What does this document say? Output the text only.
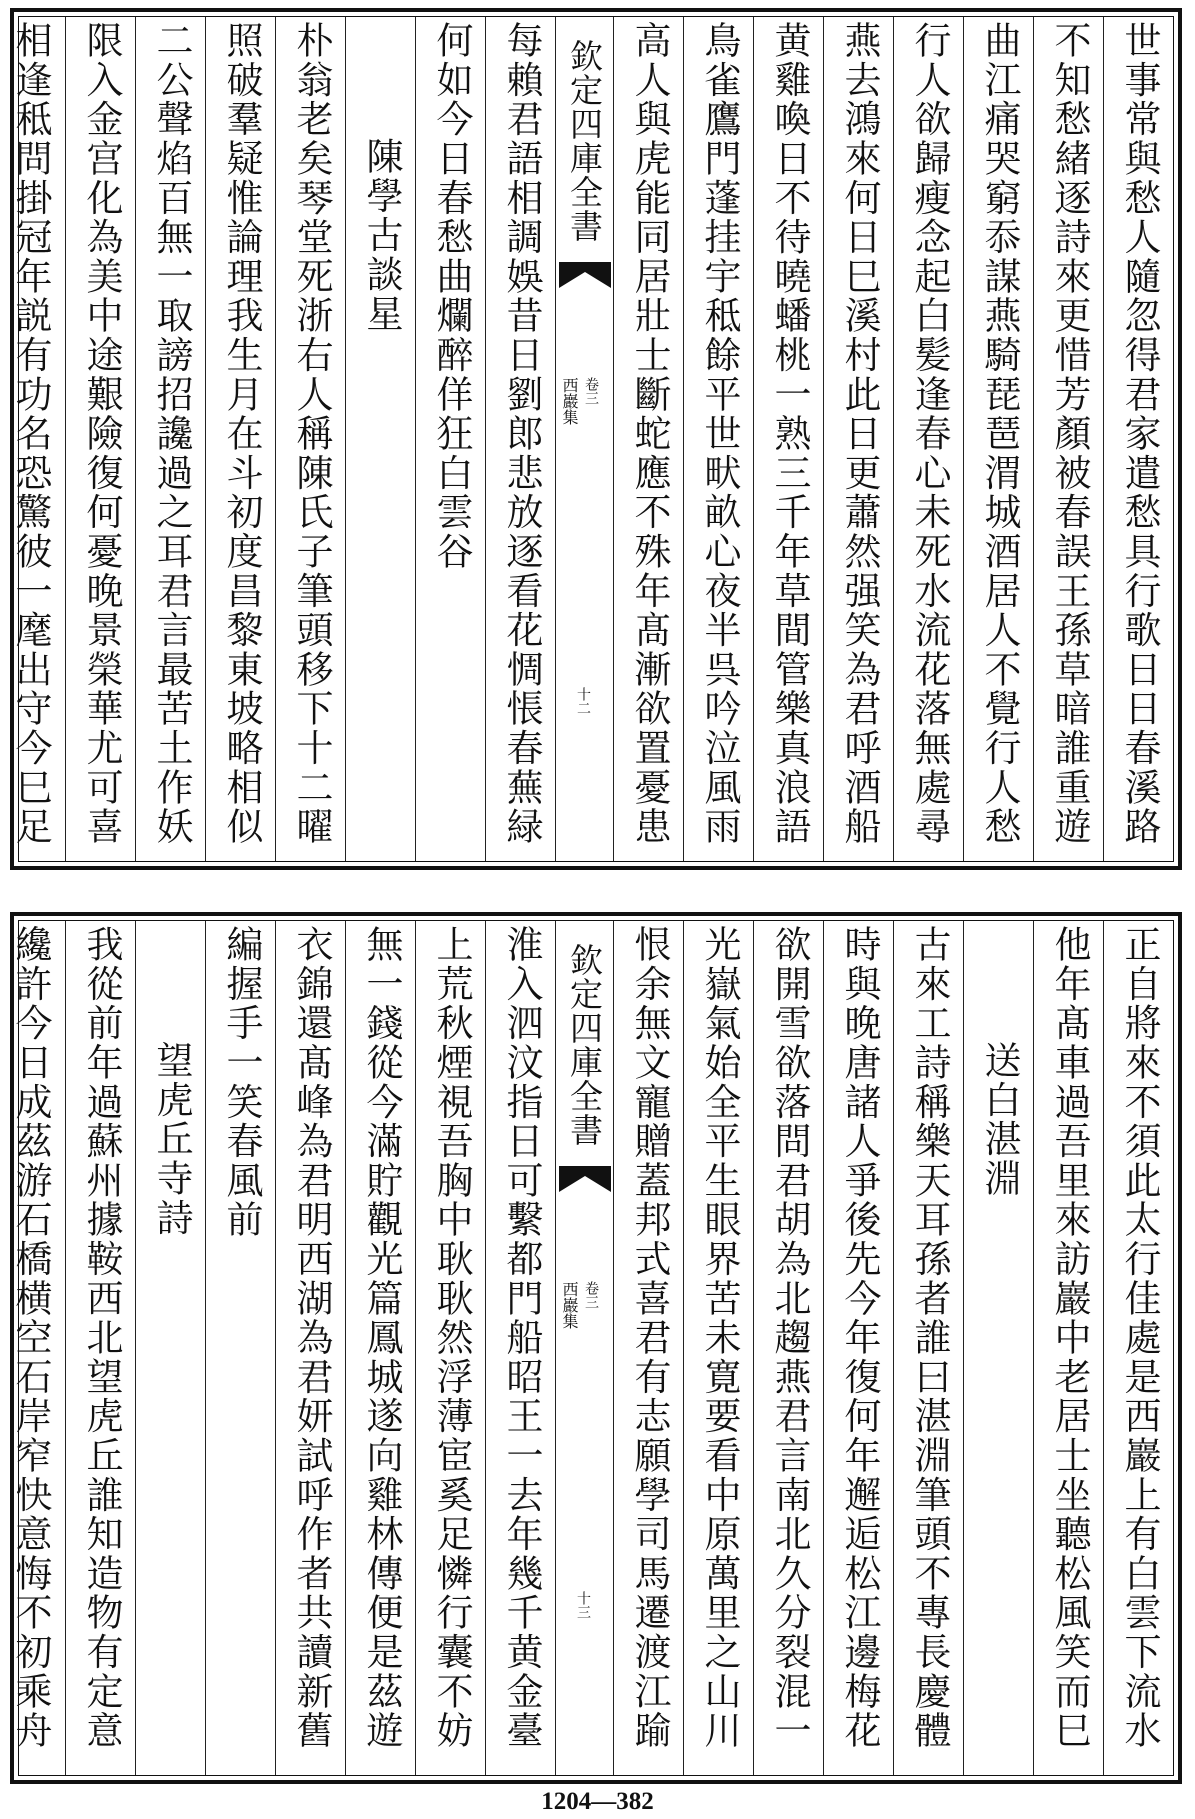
世事常與愁人隨忽得君家遣愁具行歌日日春溪路
不知愁緒逐詩來更惜芳顏被春誤王孫草暗誰重遊
曲江痛哭窮忝謀燕騎琵琶渭城酒居人不覺行人愁
行人欲歸瘦念起白髪逢春心未死水流花落無處尋
燕去鴻來何日巳溪村此日更蕭然强笑為君呼酒船
黄雞喚日不待曉蟠桃一熟三千年草間管樂真浪語
鳥雀鷹門蓬挂宇秪餘平世畎畝心夜半呉吟泣風雨
高人與虎能同居壯士斷蛇應不殊年髙漸欲置憂患
欽定四庫全書
西巖集 卷三
十二
每賴君語相調娛昔日劉郎悲放逐看花惆悵春蕪緑
何如今日春愁曲爛醉佯狂白雲谷
陳學古談星
朴翁老矣琴堂死浙右人稱陳氏子筆頭移下十二曜
照破羣疑惟論理我生月在斗初度昌黎東坡略相似
二公聲焰百無一取謗招讒過之耳君言最苦土作妖
限入金宫化為美中途艱險復何憂晚景榮華尤可喜
相逢秪問掛冠年説有功名恐驚彼一麾出守今巳足
正自將來不須此太行佳處是西巖上有白雲下流水
他年髙車過吾里來訪巖中老居士坐聽松風笑而巳
送白湛淵
古來工詩稱樂天耳孫者誰曰湛淵筆頭不專長慶體
時與晚唐諸人爭後先今年復何年邂逅松江邊梅花
欲開雪欲落問君胡為北趨燕君言南北久分裂混一
光嶽氣始全平生眼界苦未寛要看中原萬里之山川
恨余無文寵贈蓋邦式喜君有志願學司馬遷渡江踰
欽定四庫全書
西巖集 卷三
十三
淮入泗汶指日可繫都門船昭王一去年幾千黄金臺
上荒秋煙視吾胸中耿耿然浮薄宦奚足憐行囊不妨
無一錢從今滿貯觀光篇鳳城遂向雞林傳便是茲遊
衣錦還髙峰為君明西湖為君妍試呼作者共讀新舊
編握手一笑春風前
望虎丘寺詩
我從前年過蘇州據鞍西北望虎丘誰知造物有定意
纔許今日成茲游石橋横空石岸窄快意悔不初乘舟
1204—382
